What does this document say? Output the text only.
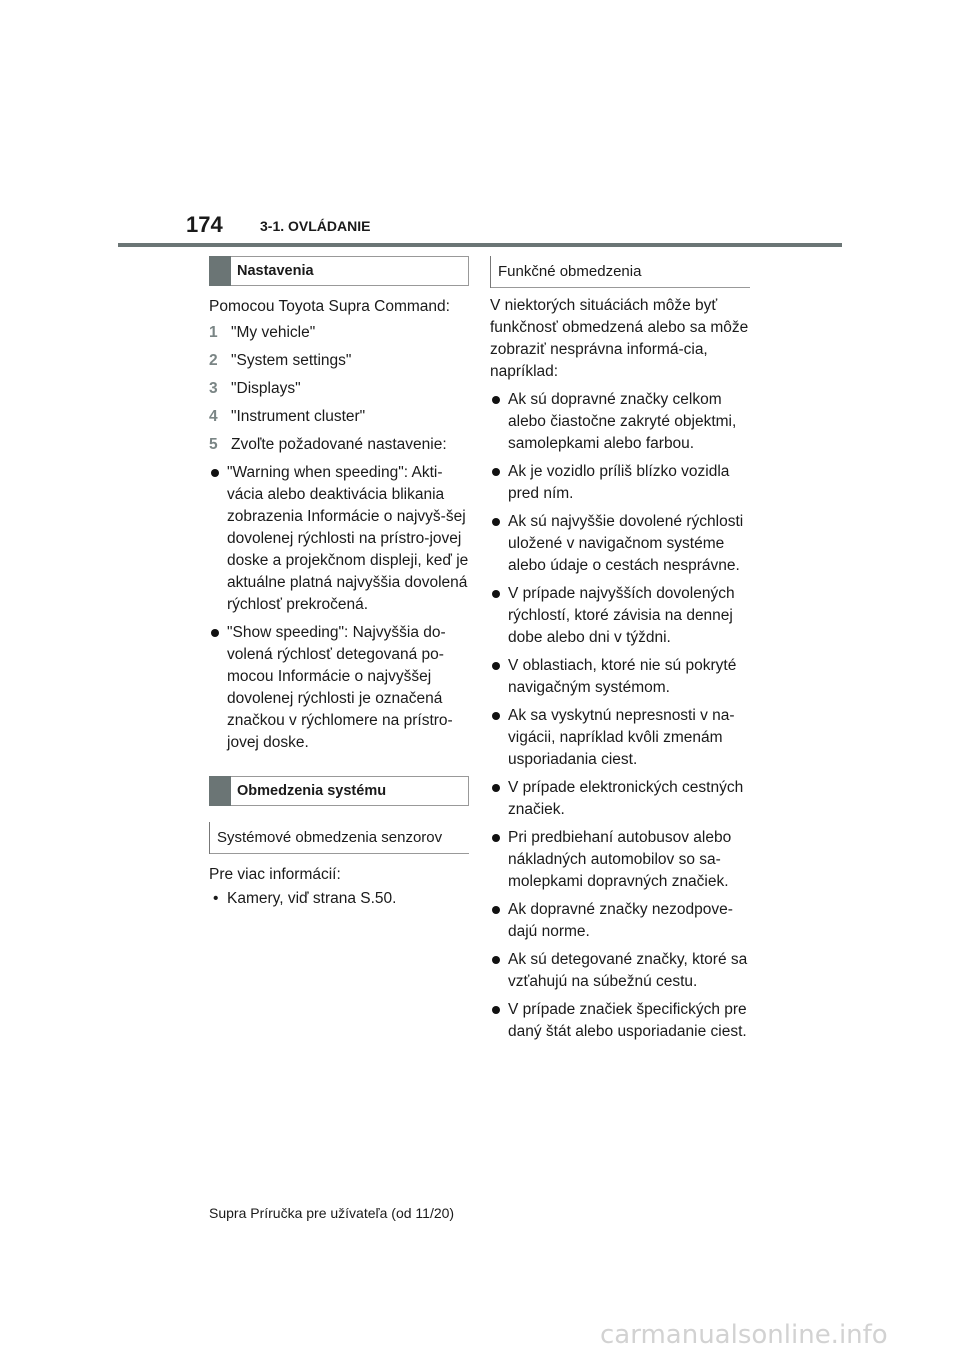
174	3-1. OVLÁDANIE
Nastavenia

Pomocou Toyota Supra Command:

1 "My vehicle"
2 "System settings"
3 "Displays"
4 "Instrument cluster"
5 Zvoľte požadované nastavenie:
"Warning when speeding": Akti-vácia alebo deaktivácia blikania zobrazenia Informácie o najvyš-šej dovolenej rýchlosti na prístro-jovej doske a projekčnom displeji, keď je aktuálne platná najvyššia dovolená rýchlosť prekročená.
"Show speeding": Najvyššia do-volená rýchlosť detegovaná po-mocou Informácie o najvyššej dovolenej rýchlosti je označená značkou v rýchlomere na prístro-jovej doske.
Obmedzenia systému
Systémové obmedzenia senzorov

Pre viac informácií:

• Kamery, viď strana S.50.
Funkčné obmedzenia

V niektorých situáciách môže byť funkčnosť obmedzená alebo sa môže zobraziť nesprávna informá-cia, napríklad:

Ak sú dopravné značky celkom alebo čiastočne zakryté objektmi, samolepkami alebo farbou.
Ak je vozidlo príliš blízko vozidla pred ním.
Ak sú najvyššie dovolené rýchlosti uložené v navigačnom systéme alebo údaje o cestách nesprávne.
V prípade najvyšších dovolených rýchlostí, ktoré závisia na dennej dobe alebo dni v týždni.
V oblastiach, ktoré nie sú pokryté navigačným systémom.
Ak sa vyskytnú nepresnosti v na-vigácii, napríklad kvôli zmenám usporiadania ciest.
V prípade elektronických cestných značiek.
Pri predbiehaní autobusov alebo nákladných automobilov so sa-molepkami dopravných značiek.
Ak dopravné značky nezodpove-dajú norme.
Ak sú detegované značky, ktoré sa vzťahujú na súbežnú cestu.
V prípade značiek špecifických pre daný štát alebo usporiadanie ciest.
Supra Príručka pre užívateľa (od 11/20)
carmanualsonline.info
